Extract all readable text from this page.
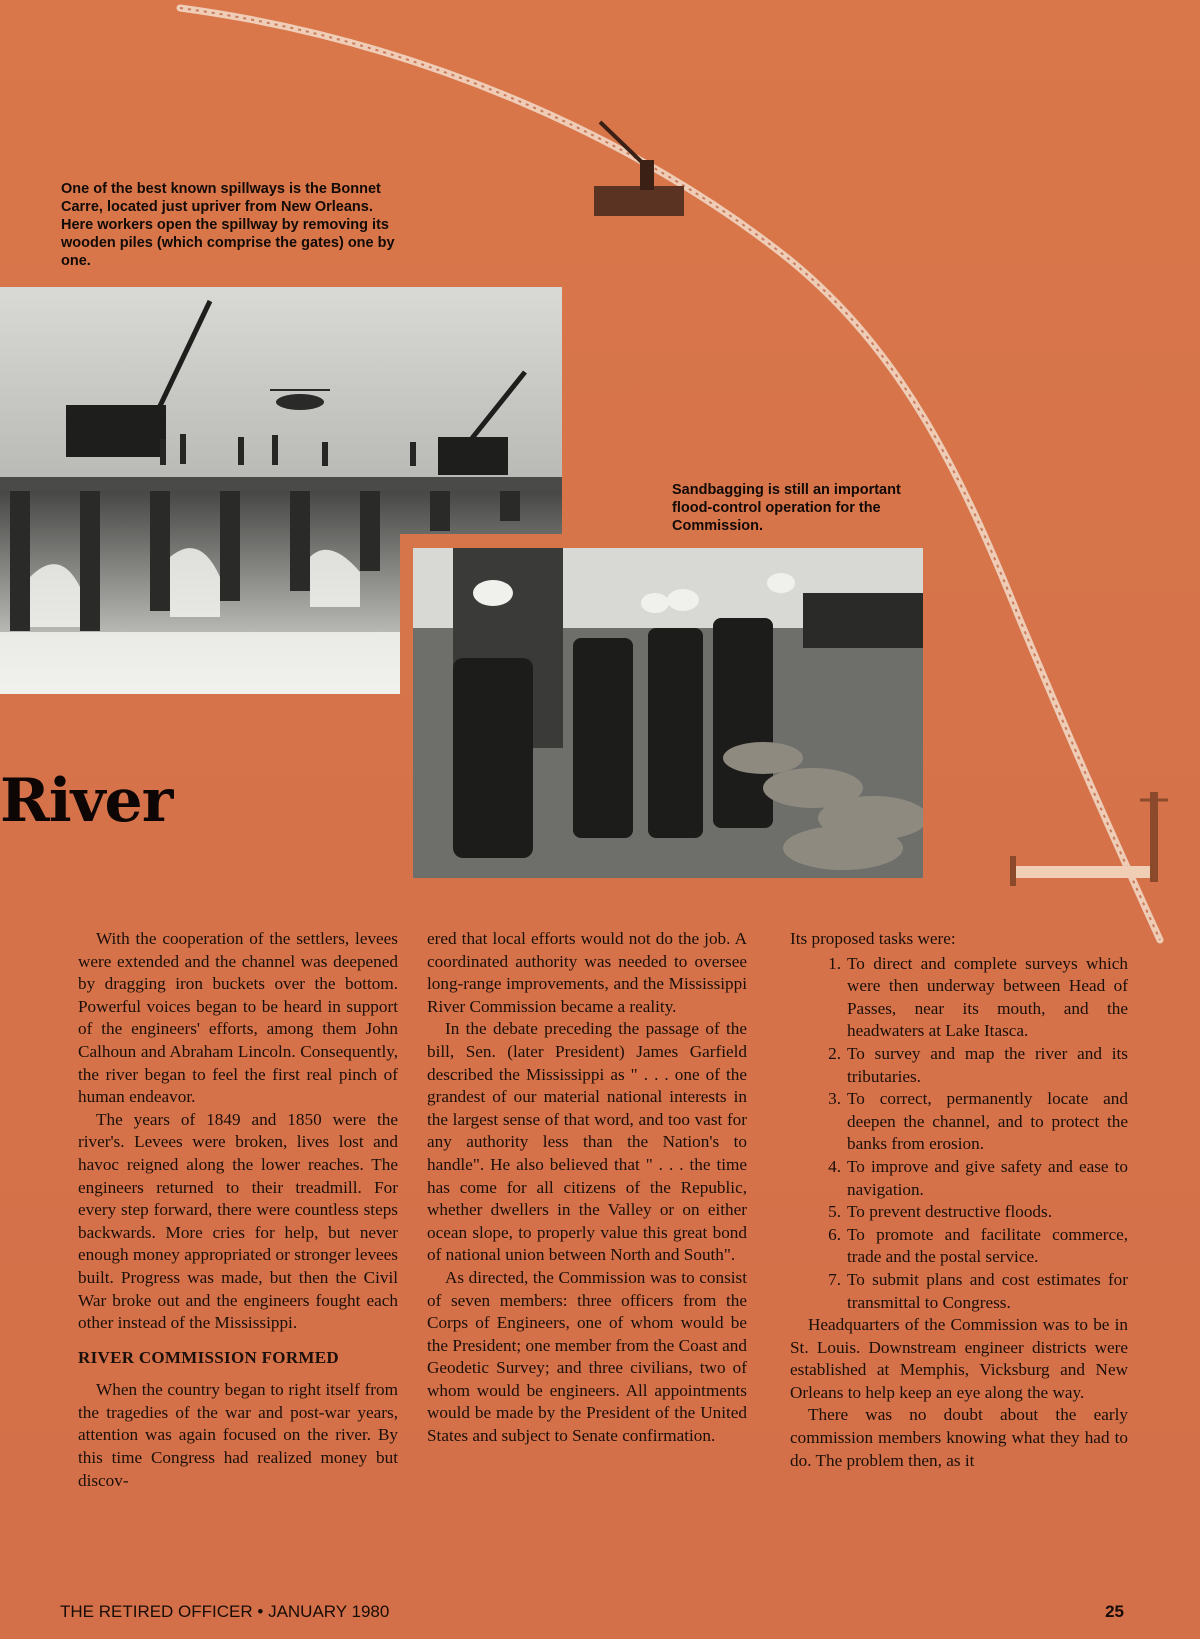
One of the best known spillways is the Bonnet Carre, located just upriver from New Orleans. Here workers open the spillway by removing its wooden piles (which comprise the gates) one by one.
Sandbagging is still an important flood-control operation for the Commission.
River

With the cooperation of the settlers, levees were extended and the channel was deepened by dragging iron buckets over the bottom. Powerful voices began to be heard in support of the engineers' efforts, among them John Calhoun and Abraham Lincoln. Consequently, the river began to feel the first real pinch of human endeavor.

The years of 1849 and 1850 were the river's. Levees were broken, lives lost and havoc reigned along the lower reaches. The engineers returned to their treadmill. For every step forward, there were countless steps backwards. More cries for help, but never enough money appropriated or stronger levees built. Progress was made, but then the Civil War broke out and the engineers fought each other instead of the Mississippi.

RIVER COMMISSION FORMED

When the country began to right itself from the tragedies of the war and post-war years, attention was again focused on the river. By this time Congress had realized money but discov-

ered that local efforts would not do the job. A coordinated authority was needed to oversee long-range improvements, and the Mississippi River Commission became a reality.

In the debate preceding the passage of the bill, Sen. (later President) James Garfield described the Mississippi as " . . . one of the grandest of our material national interests in the largest sense of that word, and too vast for any authority less than the Nation's to handle". He also believed that " . . . the time has come for all citizens of the Republic, whether dwellers in the Valley or on either ocean slope, to properly value this great bond of national union between North and South".

As directed, the Commission was to consist of seven members: three officers from the Corps of Engineers, one of whom would be the President; one member from the Coast and Geodetic Survey; and three civilians, two of whom would be engineers. All appointments would be made by the President of the United States and subject to Senate confirmation.

Its proposed tasks were:

1. To direct and complete surveys which were then underway between Head of Passes, near its mouth, and the headwaters at Lake Itasca.
2. To survey and map the river and its tributaries.
3. To correct, permanently locate and deepen the channel, and to protect the banks from erosion.
4. To improve and give safety and ease to navigation.
5. To prevent destructive floods.
6. To promote and facilitate commerce, trade and the postal service.
7. To submit plans and cost estimates for transmittal to Congress.

Headquarters of the Commission was to be in St. Louis. Downstream engineer districts were established at Memphis, Vicksburg and New Orleans to help keep an eye along the way.

There was no doubt about the early commission members knowing what they had to do. The problem then, as it

THE RETIRED OFFICER • JANUARY 1980	25
